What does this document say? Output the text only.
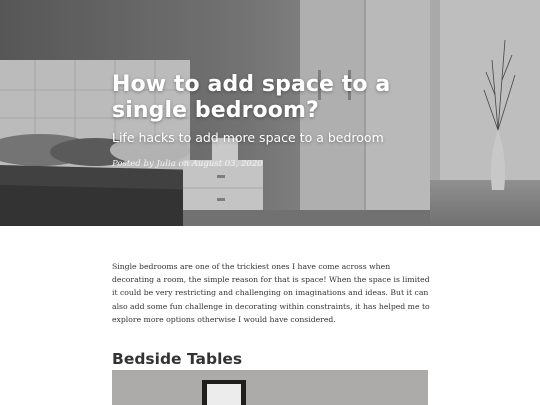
How to add space to a single bedroom?
Life hacks to add more space to a bedroom
Posted by Julia on August 03, 2020

Single bedrooms are one of the trickiest ones I have come across when decorating a room, the simple reason for that is space! When the space is limited it could be very restricting and challenging on imaginations and ideas. But it can also add some fun challenge in decorating within constraints, it has helped me to explore more options otherwise I would have considered.

Bedside Tables
